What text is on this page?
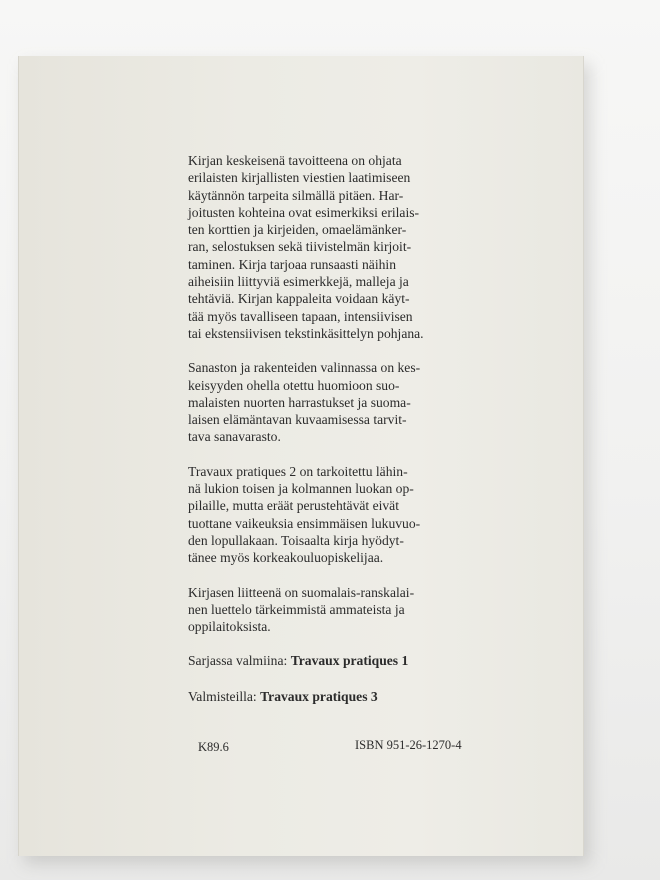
Kirjan keskeisenä tavoitteena on ohjata
erilaisten kirjallisten viestien laatimiseen
käytännön tarpeita silmällä pitäen. Har-
joitusten kohteina ovat esimerkiksi erilais-
ten korttien ja kirjeiden, omaelämänker-
ran, selostuksen sekä tiivistelmän kirjoit-
taminen. Kirja tarjoaa runsaasti näihin
aiheisiin liittyviä esimerkkejä, malleja ja
tehtäviä. Kirjan kappaleita voidaan käyt-
tää myös tavalliseen tapaan, intensiivisen
tai ekstensiivisen tekstinkäsittelyn pohjana.

Sanaston ja rakenteiden valinnassa on kes-
keisyyden ohella otettu huomioon suo-
malaisten nuorten harrastukset ja suoma-
laisen elämäntavan kuvaamisessa tarvit-
tava sanavarasto.

Travaux pratiques 2 on tarkoitettu lähin-
nä lukion toisen ja kolmannen luokan op-
pilaille, mutta eräät perustehtävät eivät
tuottane vaikeuksia ensimmäisen lukuvuo-
den lopullakaan. Toisaalta kirja hyödyt-
tänee myös korkeakouluopiskelijaa.

Kirjasen liitteenä on suomalais-ranskalai-
nen luettelo tärkeimmistä ammateista ja
oppilaitoksista.

Sarjassa valmiina: Travaux pratiques 1

Valmisteilla: Travaux pratiques 3

K89.6	ISBN 951-26-1270-4
